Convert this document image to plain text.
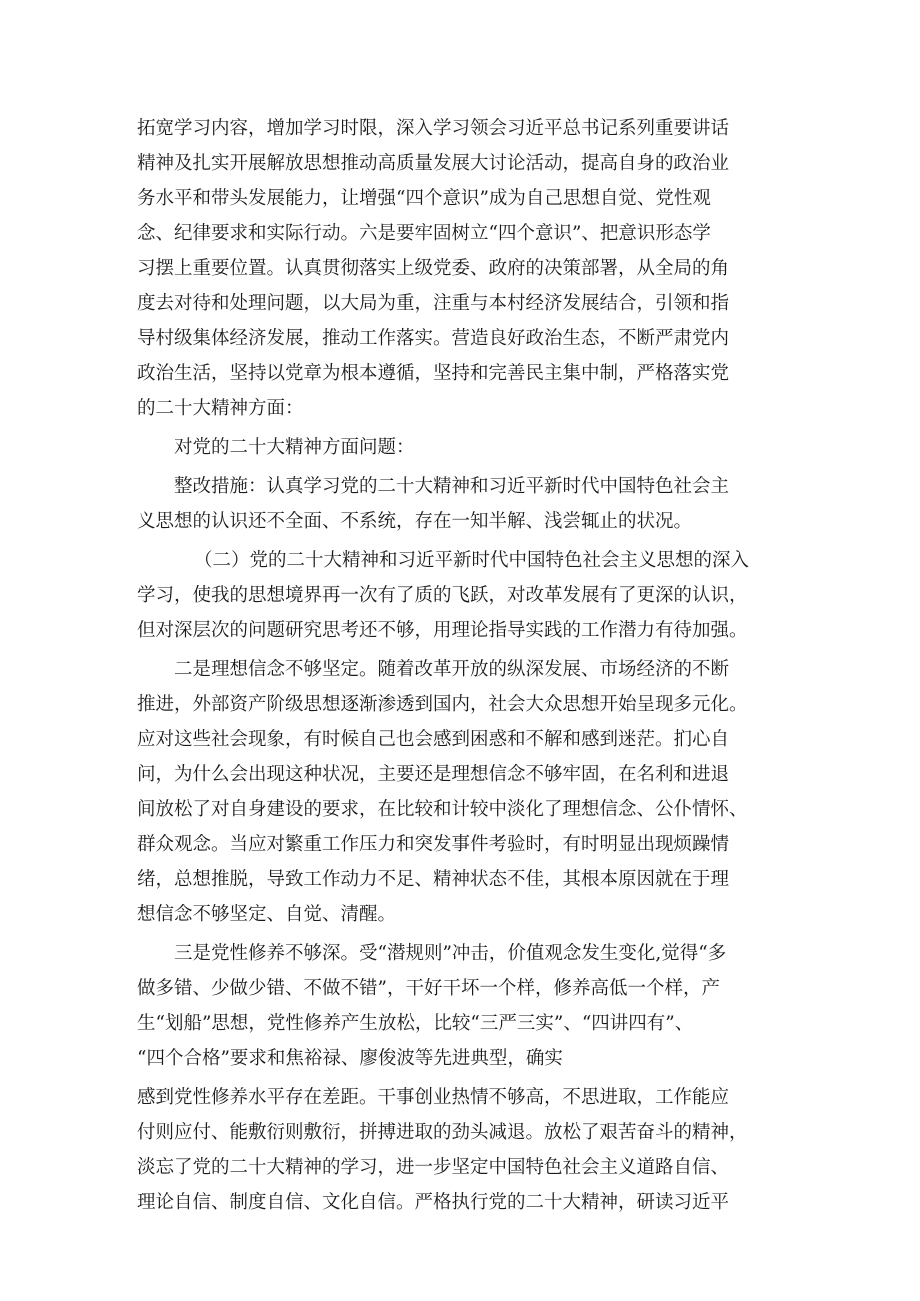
拓宽学习内容，增加学习时限，深入学习领会习近平总书记系列重要讲话
精神及扎实开展解放思想推动高质量发展大讨论活动，提高自身的政治业
务水平和带头发展能力，让增强“四个意识”成为自己思想自觉、党性观
念、纪律要求和实际行动。六是要牢固树立“四个意识”、把意识形态学
习摆上重要位置。认真贯彻落实上级党委、政府的决策部署，从全局的角
度去对待和处理问题，以大局为重，注重与本村经济发展结合，引领和指
导村级集体经济发展，推动工作落实。营造良好政治生态，不断严肃党内
政治生活，坚持以党章为根本遵循，坚持和完善民主集中制，严格落实党
的二十大精神方面：
对党的二十大精神方面问题：
整改措施：认真学习党的二十大精神和习近平新时代中国特色社会主
义思想的认识还不全面、不系统，存在一知半解、浅尝辄止的状况。
（二）党的二十大精神和习近平新时代中国特色社会主义思想的深入
学习，使我的思想境界再一次有了质的飞跃，对改革发展有了更深的认识，
但对深层次的问题研究思考还不够，用理论指导实践的工作潜力有待加强。
二是理想信念不够坚定。随着改革开放的纵深发展、市场经济的不断
推进，外部资产阶级思想逐渐渗透到国内，社会大众思想开始呈现多元化。
应对这些社会现象，有时候自己也会感到困惑和不解和感到迷茫。扪心自
问，为什么会出现这种状况，主要还是理想信念不够牢固，在名利和进退
间放松了对自身建设的要求，在比较和计较中淡化了理想信念、公仆情怀、
群众观念。当应对繁重工作压力和突发事件考验时，有时明显出现烦躁情
绪，总想推脱，导致工作动力不足、精神状态不佳，其根本原因就在于理
想信念不够坚定、自觉、清醒。
三是党性修养不够深。受“潜规则”冲击，价值观念发生变化,觉得“多
做多错、少做少错、不做不错”，干好干坏一个样，修养高低一个样，产
生“划船”思想，党性修养产生放松，比较“三严三实”、“四讲四有”、
“四个合格”要求和焦裕禄、廖俊波等先进典型，确实
感到党性修养水平存在差距。干事创业热情不够高，不思进取，工作能应
付则应付、能敷衍则敷衍，拼搏进取的劲头减退。放松了艰苦奋斗的精神，
淡忘了党的二十大精神的学习，进一步坚定中国特色社会主义道路自信、
理论自信、制度自信、文化自信。严格执行党的二十大精神，研读习近平
